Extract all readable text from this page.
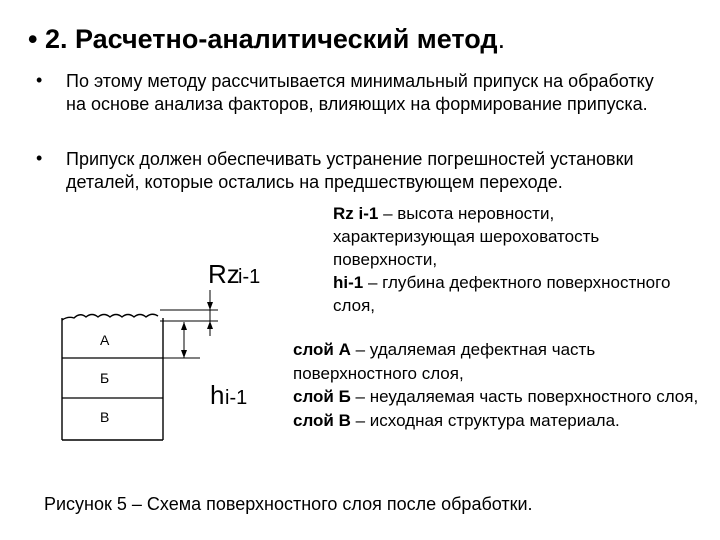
• 2. Расчетно-аналитический метод.
• По этому методу рассчитывается минимальный припуск на обработку на основе анализа факторов, влияющих на формирование припуска.
• Припуск должен обеспечивать устранение погрешностей установки деталей, которые остались на предшествующем переходе.
Rz
i-1
h i-1
А
Б
В
Rz i-1 – высота неровности, характеризующая шероховатость поверхности,
hi-1 – глубина дефектного поверхностного слоя,
слой А – удаляемая дефектная часть поверхностного слоя,
слой Б – неудаляемая часть поверхностного слоя,
слой В – исходная структура материала.
Рисунок 5 – Схема поверхностного слоя после обработки.
